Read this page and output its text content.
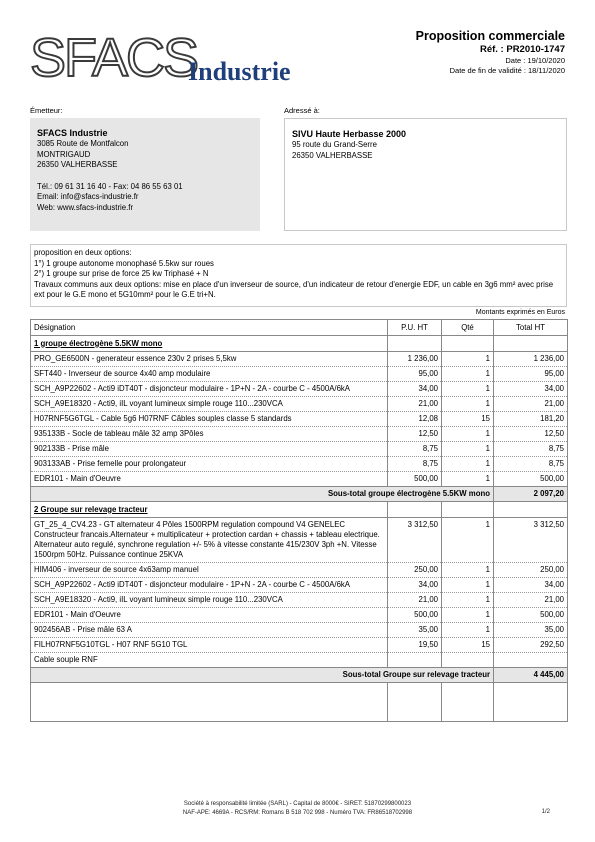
SFACS
Industrie
Proposition commerciale
Réf. : PR2010-1747
Date : 19/10/2020
Date de fin de validité : 18/11/2020
Émetteur:	Adressé à:
SFACS Industrie
3085 Route de Montfalcon
MONTRIGAUD
26350 VALHERBASSE
Tél.: 09 61 31 16 40 - Fax: 04 86 55 63 01
Email: info@sfacs-industrie.fr
Web: www.sfacs-industrie.fr
SIVU Haute Herbasse 2000
95 route du Grand-Serre
26350 VALHERBASSE
proposition en deux options:
1°) 1 groupe autonome monophasé 5.5kw sur roues
2°) 1 groupe sur prise de force 25 kw Triphasé + N
Travaux communs aux deux options: mise en place d'un inverseur de source, d'un indicateur de retour d'energie EDF, un cable en 3g6 mm² avec prise ext pour le G.E mono et 5G10mm² pour le G.E tri+N.
Montants exprimés en Euros
Désignation	P.U. HT	Qté	Total HT
1 groupe électrogène 5.5KW mono			
PRO_GE6500N - generateur essence 230v 2 prises 5,5kw	1 236,00	1	1 236,00
SFT440 - Inverseur de source 4x40 amp modulaire	95,00	1	95,00
SCH_A9P22602 - Acti9 iDT40T - disjoncteur modulaire - 1P+N - 2A - courbe C - 4500A/6kA	34,00	1	34,00
SCH_A9E18320 - Acti9, iIL voyant lumineux simple rouge 110...230VCA	21,00	1	21,00
H07RNF5G6TGL - Cable 5g6 H07RNF Câbles souples classe 5 standards	12,08	15	181,20
935133B - Socle de tableau mâle 32 amp 3Pôles	12,50	1	12,50
902133B - Prise mâle	8,75	1	8,75
903133AB - Prise femelle pour prolongateur	8,75	1	8,75
EDR101 - Main d'Oeuvre	500,00	1	500,00
Sous-total groupe électrogène 5.5KW mono			2 097,20
2 Groupe sur relevage tracteur			
GT_25_4_CV4.23 - GT alternateur 4 Pôles 1500RPM regulation compound V4 GENELEC Constructeur francais.Alternateur + multiplicateur + protection cardan + chassis + tableau electrique. Alternateur auto regulé, synchrone regulation +/- 5% à vitesse constante 415/230V 3ph +N. Vitesse 1500rpm 50Hz. Puissance continue 25KVA	3 312,50	1	3 312,50
HIM406 - inverseur de source 4x63amp manuel	250,00	1	250,00
SCH_A9P22602 - Acti9 iDT40T - disjoncteur modulaire - 1P+N - 2A - courbe C - 4500A/6kA	34,00	1	34,00
SCH_A9E18320 - Acti9, iIL voyant lumineux simple rouge 110...230VCA	21,00	1	21,00
EDR101 - Main d'Oeuvre	500,00	1	500,00
902456AB - Prise mâle 63 A	35,00	1	35,00
FILH07RNF5G10TGL - H07 RNF 5G10 TGL	19,50	15	292,50
Cable souple RNF			
Sous-total Groupe sur relevage tracteur			4 445,00

Société à responsabilité limitée (SARL) - Capital de 8000€ - SIRET: 51870299800023
NAF-APE: 4669A - RCS/RM: Romans B 518 702 998 - Numéro TVA: FR86518702998	1/2
